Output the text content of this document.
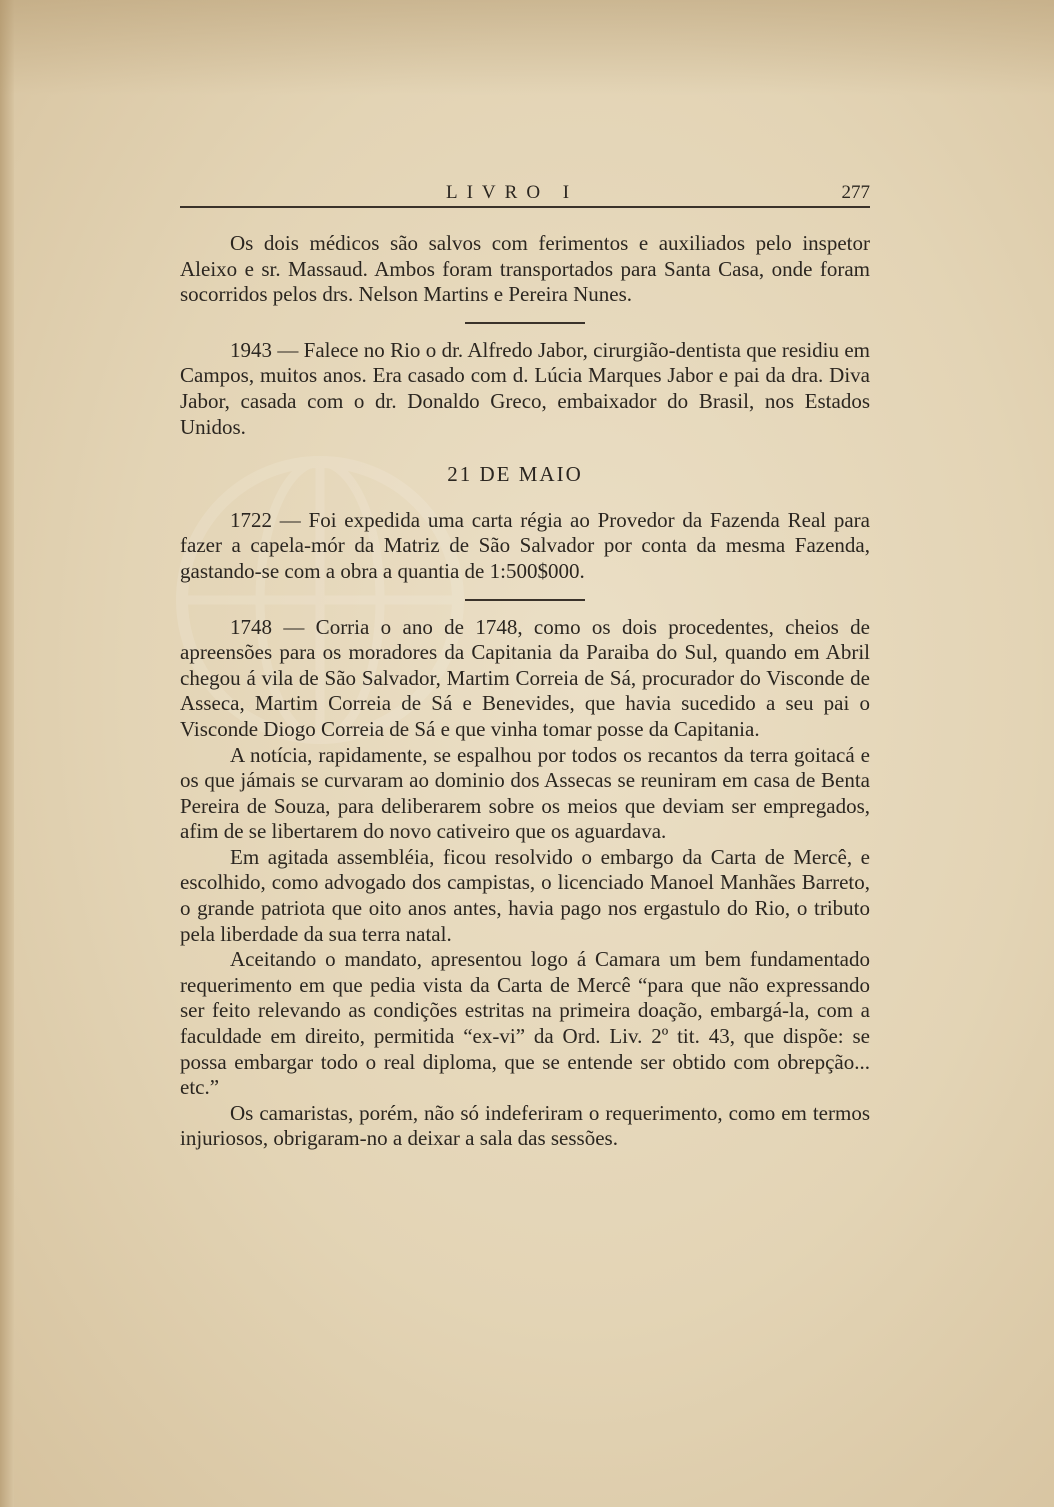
LIVRO I	277

Os dois médicos são salvos com ferimentos e auxiliados pelo inspetor Aleixo e sr. Massaud. Ambos foram transportados para Santa Casa, onde foram socorridos pelos drs. Nelson Martins e Pereira Nunes.

1943 — Falece no Rio o dr. Alfredo Jabor, cirurgião-dentista que residiu em Campos, muitos anos. Era casado com d. Lúcia Marques Jabor e pai da dra. Diva Jabor, casada com o dr. Donaldo Greco, embaixador do Brasil, nos Estados Unidos.

21 DE MAIO

1722 — Foi expedida uma carta régia ao Provedor da Fazenda Real para fazer a capela-mór da Matriz de São Salvador por conta da mesma Fazenda, gastando-se com a obra a quantia de 1:500$000.

1748 — Corria o ano de 1748, como os dois procedentes, cheios de apreensões para os moradores da Capitania da Paraiba do Sul, quando em Abril chegou á vila de São Salvador, Martim Correia de Sá, procurador do Visconde de Asseca, Martim Correia de Sá e Benevides, que havia sucedido a seu pai o Visconde Diogo Correia de Sá e que vinha tomar posse da Capitania.

A notícia, rapidamente, se espalhou por todos os recantos da terra goitacá e os que jámais se curvaram ao dominio dos Assecas se reuniram em casa de Benta Pereira de Souza, para deliberarem sobre os meios que deviam ser empregados, afim de se libertarem do novo cativeiro que os aguardava.

Em agitada assembléia, ficou resolvido o embargo da Carta de Mercê, e escolhido, como advogado dos campistas, o licenciado Manoel Manhães Barreto, o grande patriota que oito anos antes, havia pago nos ergastulo do Rio, o tributo pela liberdade da sua terra natal.

Aceitando o mandato, apresentou logo á Camara um bem fundamentado requerimento em que pedia vista da Carta de Mercê “para que não expressando ser feito relevando as condições estritas na primeira doação, embargá-la, com a faculdade em direito, permitida “ex-vi” da Ord. Liv. 2º tit. 43, que dispõe: se possa embargar todo o real diploma, que se entende ser obtido com obrepção... etc.”

Os camaristas, porém, não só indeferiram o requerimento, como em termos injuriosos, obrigaram-no a deixar a sala das sessões.
